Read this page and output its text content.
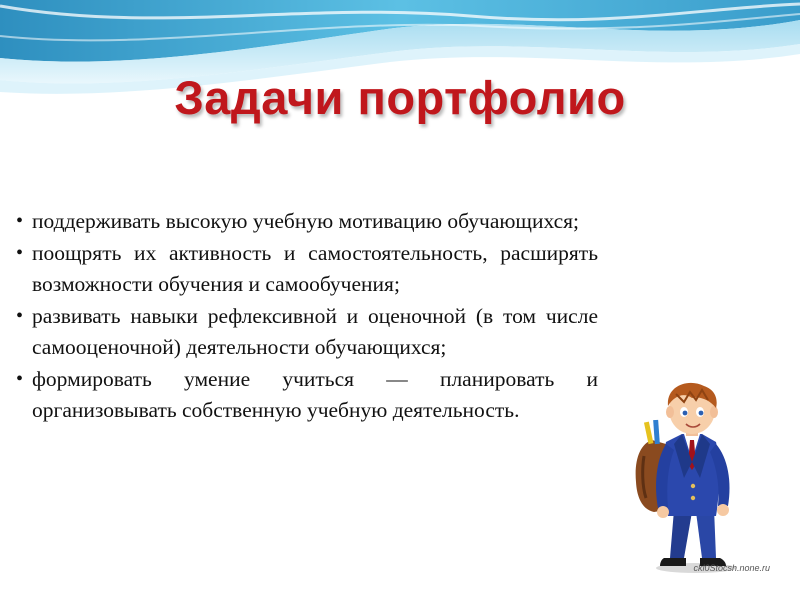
Задачи портфолио
• поддерживать высокую учебную мотивацию обучающихся;
• поощрять их активность и самостоятельность, расширять возможности обучения и самообучения;
• развивать навыки рефлексивной и оценочной (в том числе самооценочной) деятельности обучающихся;
• формировать умение учиться — планировать и организовывать собственную учебную деятельность.
ckl0Stocsh.none.ru
